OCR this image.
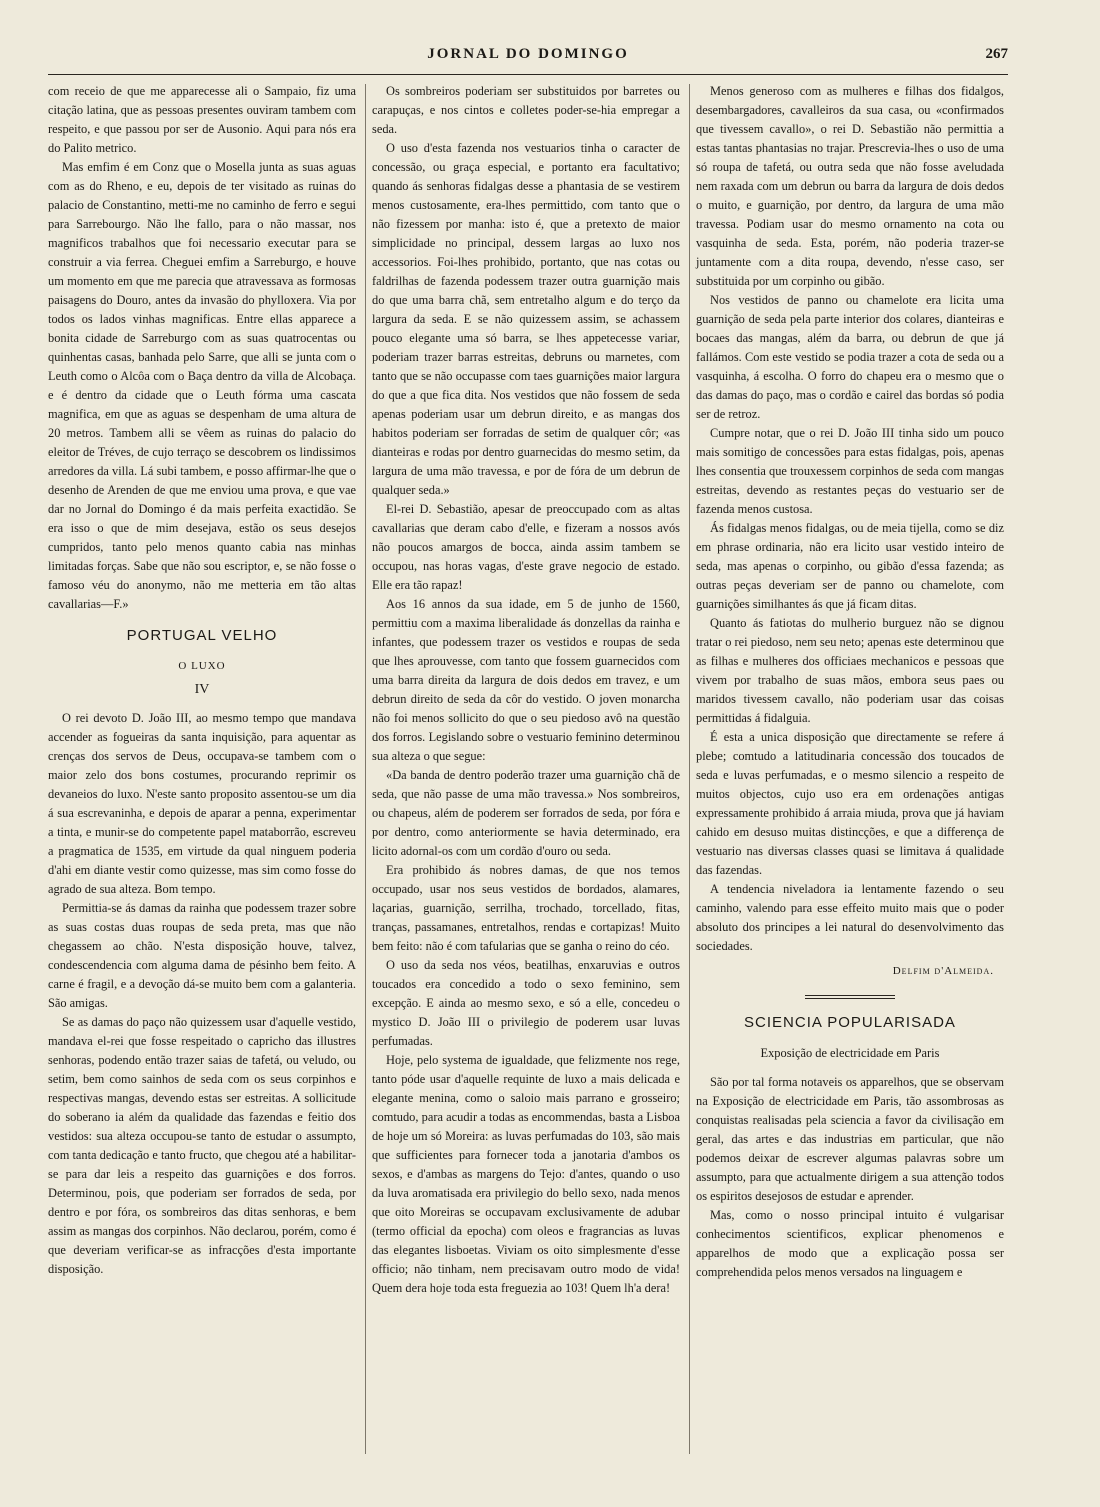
JORNAL DO DOMINGO	267

com receio de que me apparecesse ali o Sampaio, fiz uma citação latina, que as pessoas presentes ouviram tambem com respeito, e que passou por ser de Ausonio. Aqui para nós era do Palito metrico.

Mas emfim é em Conz que o Mosella junta as suas aguas com as do Rheno, e eu, depois de ter visitado as ruinas do palacio de Constantino, metti-me no caminho de ferro e segui para Sarrebourgo. Não lhe fallo, para o não massar, nos magnificos trabalhos que foi necessario executar para se construir a via ferrea. Cheguei emfim a Sarreburgo, e houve um momento em que me parecia que atravessava as formosas paisagens do Douro, antes da invasão do phylloxera. Via por todos os lados vinhas magnificas. Entre ellas apparece a bonita cidade de Sarreburgo com as suas quatrocentas ou quinhentas casas, banhada pelo Sarre, que alli se junta com o Leuth como o Alcôa com o Baça dentro da villa de Alcobaça. e é dentro da cidade que o Leuth fórma uma cascata magnifica, em que as aguas se despenham de uma altura de 20 metros. Tambem alli se vêem as ruinas do palacio do eleitor de Tréves, de cujo terraço se descobrem os lindissimos arredores da villa. Lá subi tambem, e posso affirmar-lhe que o desenho de Arenden de que me enviou uma prova, e que vae dar no Jornal do Domingo é da mais perfeita exactidão. Se era isso o que de mim desejava, estão os seus desejos cumpridos, tanto pelo menos quanto cabia nas minhas limitadas forças. Sabe que não sou escriptor, e, se não fosse o famoso véu do anonymo, não me metteria em tão altas cavallarias—F.»

PORTUGAL VELHO
O LUXO
IV

O rei devoto D. João III, ao mesmo tempo que mandava accender as fogueiras da santa inquisição, para aquentar as crenças dos servos de Deus, occupava-se tambem com o maior zelo dos bons costumes, procurando reprimir os devaneios do luxo. N'este santo proposito assentou-se um dia á sua escrevaninha, e depois de aparar a penna, experimentar a tinta, e munir-se do competente papel mataborrão, escreveu a pragmatica de 1535, em virtude da qual ninguem poderia d'ahi em diante vestir como quizesse, mas sim como fosse do agrado de sua alteza. Bom tempo.

Permittia-se ás damas da rainha que podessem trazer sobre as suas costas duas roupas de seda preta, mas que não chegassem ao chão. N'esta disposição houve, talvez, condescendencia com alguma dama de pésinho bem feito. A carne é fragil, e a devoção dá-se muito bem com a galanteria. São amigas.

Se as damas do paço não quizessem usar d'aquelle vestido, mandava el-rei que fosse respeitado o capricho das illustres senhoras, podendo então trazer saias de tafetá, ou veludo, ou setim, bem como sainhos de seda com os seus corpinhos e respectivas mangas, devendo estas ser estreitas. A sollicitude do soberano ia além da qualidade das fazendas e feitio dos vestidos: sua alteza occupou-se tanto de estudar o assumpto, com tanta dedicação e tanto fructo, que chegou até a habilitar-se para dar leis a respeito das guarnições e dos forros. Determinou, pois, que poderiam ser forrados de seda, por dentro e por fóra, os sombreiros das ditas senhoras, e bem assim as mangas dos corpinhos. Não declarou, porém, como é que deveriam verificar-se as infracções d'esta importante disposição.

Os sombreiros poderiam ser substituidos por barretes ou carapuças, e nos cintos e colletes poder-se-hia empregar a seda.

O uso d'esta fazenda nos vestuarios tinha o caracter de concessão, ou graça especial, e portanto era facultativo; quando ás senhoras fidalgas desse a phantasia de se vestirem menos custosamente, era-lhes permittido, com tanto que o não fizessem por manha: isto é, que a pretexto de maior simplicidade no principal, dessem largas ao luxo nos accessorios. Foi-lhes prohibido, portanto, que nas cotas ou faldrilhas de fazenda podessem trazer outra guarnição mais do que uma barra chã, sem entretalho algum e do terço da largura da seda. E se não quizessem assim, se achassem pouco elegante uma só barra, se lhes appetecesse variar, poderiam trazer barras estreitas, debruns ou marnetes, com tanto que se não occupasse com taes guarnições maior largura do que a que fica dita. Nos vestidos que não fossem de seda apenas poderiam usar um debrun direito, e as mangas dos habitos poderiam ser forradas de setim de qualquer côr; «as dianteiras e rodas por dentro guarnecidas do mesmo setim, da largura de uma mão travessa, e por de fóra de um debrun de qualquer seda.»

El-rei D. Sebastião, apesar de preoccupado com as altas cavallarias que deram cabo d'elle, e fizeram a nossos avós não poucos amargos de bocca, ainda assim tambem se occupou, nas horas vagas, d'este grave negocio de estado. Elle era tão rapaz!

Aos 16 annos da sua idade, em 5 de junho de 1560, permittiu com a maxima liberalidade ás donzellas da rainha e infantes, que podessem trazer os vestidos e roupas de seda que lhes aprouvesse, com tanto que fossem guarnecidos com uma barra direita da largura de dois dedos em travez, e um debrun direito de seda da côr do vestido. O joven monarcha não foi menos sollicito do que o seu piedoso avô na questão dos forros. Legislando sobre o vestuario feminino determinou sua alteza o que segue:

«Da banda de dentro poderão trazer uma guarnição chã de seda, que não passe de uma mão travessa.» Nos sombreiros, ou chapeus, além de poderem ser forrados de seda, por fóra e por dentro, como anteriormente se havia determinado, era licito adornal-os com um cordão d'ouro ou seda.

Era prohibido ás nobres damas, de que nos temos occupado, usar nos seus vestidos de bordados, alamares, laçarias, guarnição, serrilha, trochado, torcellado, fitas, tranças, passamanes, entretalhos, rendas e cortapizas! Muito bem feito: não é com tafularias que se ganha o reino do céo.

O uso da seda nos véos, beatilhas, enxaruvias e outros toucados era concedido a todo o sexo feminino, sem excepção. E ainda ao mesmo sexo, e só a elle, concedeu o mystico D. João III o privilegio de poderem usar luvas perfumadas.

Hoje, pelo systema de igualdade, que felizmente nos rege, tanto póde usar d'aquelle requinte de luxo a mais delicada e elegante menina, como o saloio mais parrano e grosseiro; comtudo, para acudir a todas as encommendas, basta a Lisboa de hoje um só Moreira: as luvas perfumadas do 103, são mais que sufficientes para fornecer toda a janotaria d'ambos os sexos, e d'ambas as margens do Tejo: d'antes, quando o uso da luva aromatisada era privilegio do bello sexo, nada menos que oito Moreiras se occupavam exclusivamente de adubar (termo official da epocha) com oleos e fragrancias as luvas das elegantes lisboetas. Viviam os oito simplesmente d'esse officio; não tinham, nem precisavam outro modo de vida! Quem dera hoje toda esta freguezia ao 103! Quem lh'a dera!

Menos generoso com as mulheres e filhas dos fidalgos, desembargadores, cavalleiros da sua casa, ou «confirmados que tivessem cavallo», o rei D. Sebastião não permittia a estas tantas phantasias no trajar. Prescrevia-lhes o uso de uma só roupa de tafetá, ou outra seda que não fosse aveludada nem raxada com um debrun ou barra da largura de dois dedos o muito, e guarnição, por dentro, da largura de uma mão travessa. Podiam usar do mesmo ornamento na cota ou vasquinha de seda. Esta, porém, não poderia trazer-se juntamente com a dita roupa, devendo, n'esse caso, ser substituida por um corpinho ou gibão.

Nos vestidos de panno ou chamelote era licita uma guarnição de seda pela parte interior dos colares, dianteiras e bocaes das mangas, além da barra, ou debrun de que já fallámos. Com este vestido se podia trazer a cota de seda ou a vasquinha, á escolha. O forro do chapeu era o mesmo que o das damas do paço, mas o cordão e cairel das bordas só podia ser de retroz.

Cumpre notar, que o rei D. João III tinha sido um pouco mais somitigo de concessões para estas fidalgas, pois, apenas lhes consentia que trouxessem corpinhos de seda com mangas estreitas, devendo as restantes peças do vestuario ser de fazenda menos custosa.

Ás fidalgas menos fidalgas, ou de meia tijella, como se diz em phrase ordinaria, não era licito usar vestido inteiro de seda, mas apenas o corpinho, ou gibão d'essa fazenda; as outras peças deveriam ser de panno ou chamelote, com guarnições similhantes ás que já ficam ditas.

Quanto ás fatiotas do mulherio burguez não se dignou tratar o rei piedoso, nem seu neto; apenas este determinou que as filhas e mulheres dos officiaes mechanicos e pessoas que vivem por trabalho de suas mãos, embora seus paes ou maridos tivessem cavallo, não poderiam usar das coisas permittidas á fidalguia.

É esta a unica disposição que directamente se refere á plebe; comtudo a latitudinaria concessão dos toucados de seda e luvas perfumadas, e o mesmo silencio a respeito de muitos objectos, cujo uso era em ordenações antigas expressamente prohibido á arraia miuda, prova que já haviam cahido em desuso muitas distincções, e que a differença de vestuario nas diversas classes quasi se limitava á qualidade das fazendas.

A tendencia niveladora ia lentamente fazendo o seu caminho, valendo para esse effeito muito mais que o poder absoluto dos principes a lei natural do desenvolvimento das sociedades.

Delfim d'Almeida.
SCIENCIA POPULARISADA
Exposição de electricidade em Paris

São por tal forma notaveis os apparelhos, que se observam na Exposição de electricidade em Paris, tão assombrosas as conquistas realisadas pela sciencia a favor da civilisação em geral, das artes e das industrias em particular, que não podemos deixar de escrever algumas palavras sobre um assumpto, para que actualmente dirigem a sua attenção todos os espiritos desejosos de estudar e aprender.

Mas, como o nosso principal intuito é vulgarisar conhecimentos scientificos, explicar phenomenos e apparelhos de modo que a explicação possa ser comprehendida pelos menos versados na linguagem e
